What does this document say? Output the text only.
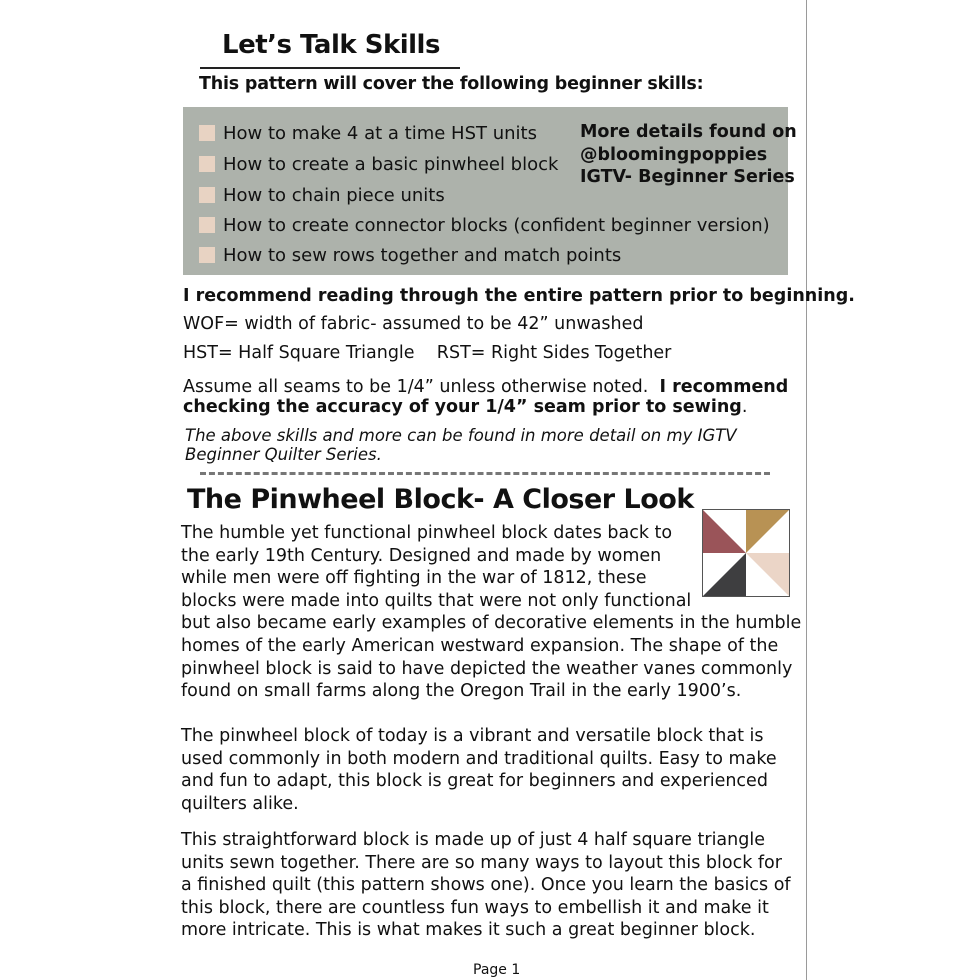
Let’s Talk Skills
This pattern will cover the following beginner skills:
How to make 4 at a time HST units
How to create a basic pinwheel block
How to chain piece units
How to create connector blocks (confident beginner version)
How to sew rows together and match points
More details found on
@bloomingpoppies
IGTV- Beginner Series
I recommend reading through the entire pattern prior to beginning.
WOF= width of fabric- assumed to be 42” unwashed
HST= Half Square Triangle    RST= Right Sides Together
Assume all seams to be 1/4” unless otherwise noted.  I recommend
checking the accuracy of your 1/4” seam prior to sewing.
The above skills and more can be found in more detail on my IGTV
Beginner Quilter Series.
The Pinwheel Block- A Closer Look
The humble yet functional pinwheel block dates back to
the early 19th Century. Designed and made by women
while men were off fighting in the war of 1812, these
blocks were made into quilts that were not only functional
but also became early examples of decorative elements in the humble
homes of the early American westward expansion. The shape of the
pinwheel block is said to have depicted the weather vanes commonly
found on small farms along the Oregon Trail in the early 1900’s.
The pinwheel block of today is a vibrant and versatile block that is
used commonly in both modern and traditional quilts. Easy to make
and fun to adapt, this block is great for beginners and experienced
quilters alike.
This straightforward block is made up of just 4 half square triangle
units sewn together. There are so many ways to layout this block for
a finished quilt (this pattern shows one). Once you learn the basics of
this block, there are countless fun ways to embellish it and make it
more intricate. This is what makes it such a great beginner block.
Page 1
